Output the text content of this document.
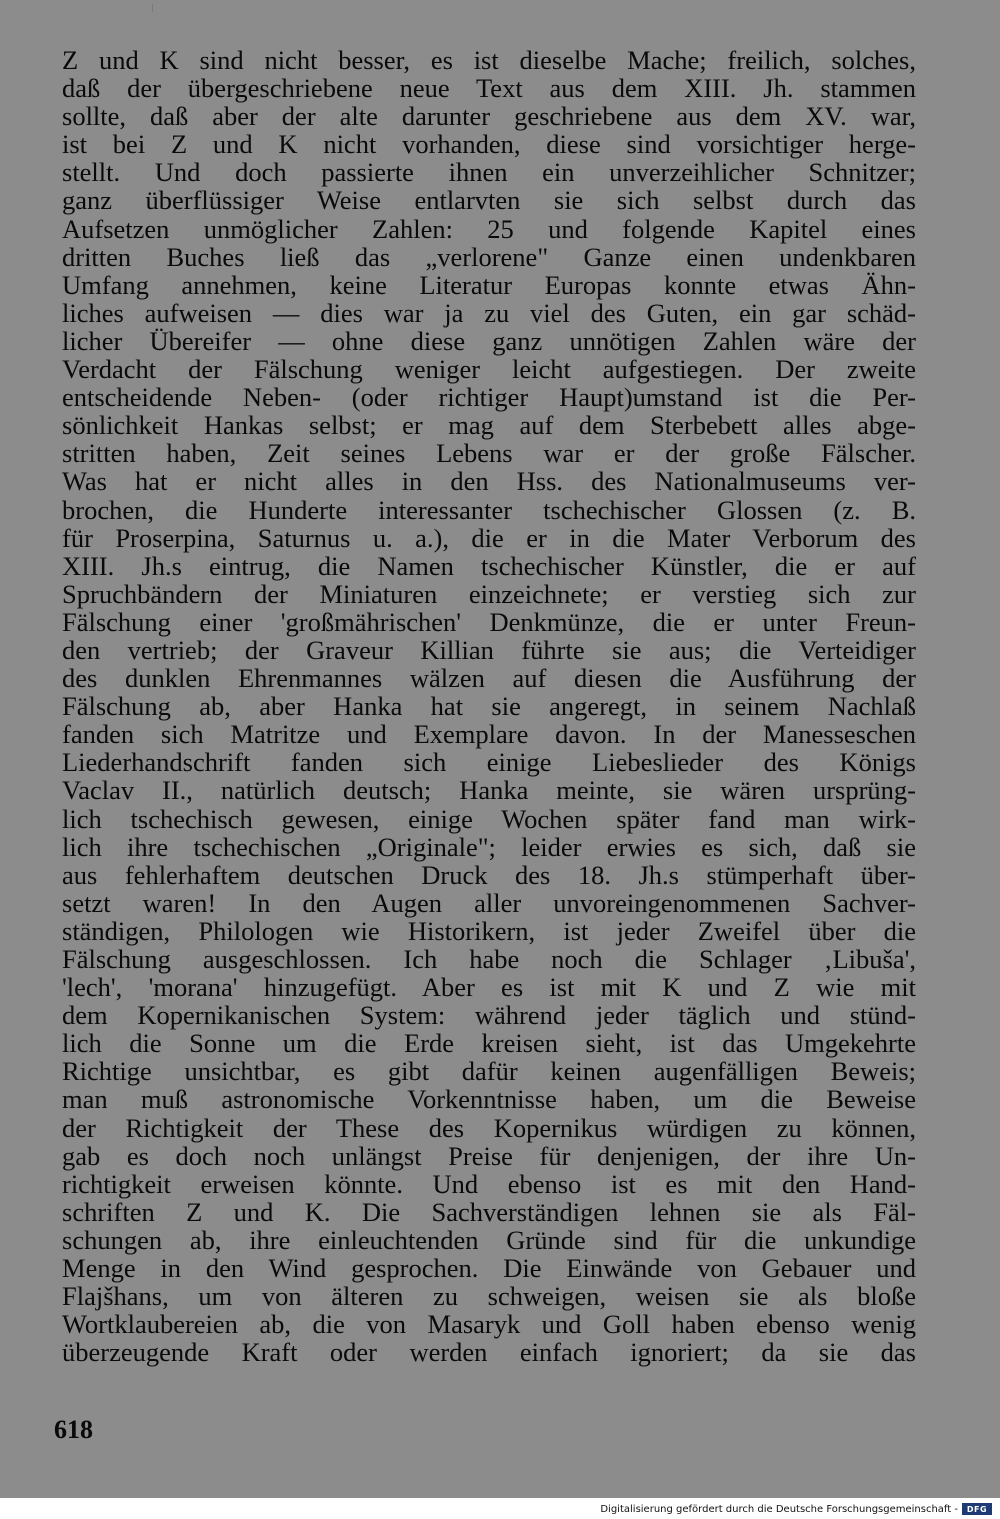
Z und K sind nicht besser, es ist dieselbe Mache; freilich, solches,
daß der übergeschriebene neue Text aus dem XIII. Jh. stammen
sollte, daß aber der alte darunter geschriebene aus dem XV. war,
ist bei Z und K nicht vorhanden, diese sind vorsichtiger herge-
stellt. Und doch passierte ihnen ein unverzeihlicher Schnitzer;
ganz überflüssiger Weise entlarvten sie sich selbst durch das
Aufsetzen unmöglicher Zahlen: 25 und folgende Kapitel eines
dritten Buches ließ das „verlorene" Ganze einen undenkbaren
Umfang annehmen, keine Literatur Europas konnte etwas Ähn-
liches aufweisen — dies war ja zu viel des Guten, ein gar schäd-
licher Übereifer — ohne diese ganz unnötigen Zahlen wäre der
Verdacht der Fälschung weniger leicht aufgestiegen. Der zweite
entscheidende Neben- (oder richtiger Haupt)umstand ist die Per-
sönlichkeit Hankas selbst; er mag auf dem Sterbebett alles abge-
stritten haben, Zeit seines Lebens war er der große Fälscher.
Was hat er nicht alles in den Hss. des Nationalmuseums ver-
brochen, die Hunderte interessanter tschechischer Glossen (z. B.
für Proserpina, Saturnus u. a.), die er in die Mater Verborum des
XIII. Jh.s eintrug, die Namen tschechischer Künstler, die er auf
Spruchbändern der Miniaturen einzeichnete; er verstieg sich zur
Fälschung einer 'großmährischen' Denkmünze, die er unter Freun-
den vertrieb; der Graveur Killian führte sie aus; die Verteidiger
des dunklen Ehrenmannes wälzen auf diesen die Ausführung der
Fälschung ab, aber Hanka hat sie angeregt, in seinem Nachlaß
fanden sich Matritze und Exemplare davon. In der Manesseschen
Liederhandschrift fanden sich einige Liebeslieder des Königs
Vaclav II., natürlich deutsch; Hanka meinte, sie wären ursprüng-
lich tschechisch gewesen, einige Wochen später fand man wirk-
lich ihre tschechischen „Originale"; leider erwies es sich, daß sie
aus fehlerhaftem deutschen Druck des 18. Jh.s stümperhaft über-
setzt waren! In den Augen aller unvoreingenommenen Sachver-
ständigen, Philologen wie Historikern, ist jeder Zweifel über die
Fälschung ausgeschlossen. Ich habe noch die Schlager ‚Libuša',
'lech', 'morana' hinzugefügt. Aber es ist mit K und Z wie mit
dem Kopernikanischen System: während jeder täglich und stünd-
lich die Sonne um die Erde kreisen sieht, ist das Umgekehrte
Richtige unsichtbar, es gibt dafür keinen augenfälligen Beweis;
man muß astronomische Vorkenntnisse haben, um die Beweise
der Richtigkeit der These des Kopernikus würdigen zu können,
gab es doch noch unlängst Preise für denjenigen, der ihre Un-
richtigkeit erweisen könnte. Und ebenso ist es mit den Hand-
schriften Z und K. Die Sachverständigen lehnen sie als Fäl-
schungen ab, ihre einleuchtenden Gründe sind für die unkundige
Menge in den Wind gesprochen. Die Einwände von Gebauer und
Flajšhans, um von älteren zu schweigen, weisen sie als bloße
Wortklaubereien ab, die von Masaryk und Goll haben ebenso wenig
überzeugende Kraft oder werden einfach ignoriert; da sie das
618
Digitalisierung gefördert durch die Deutsche Forschungsgemeinschaft -	DFG
